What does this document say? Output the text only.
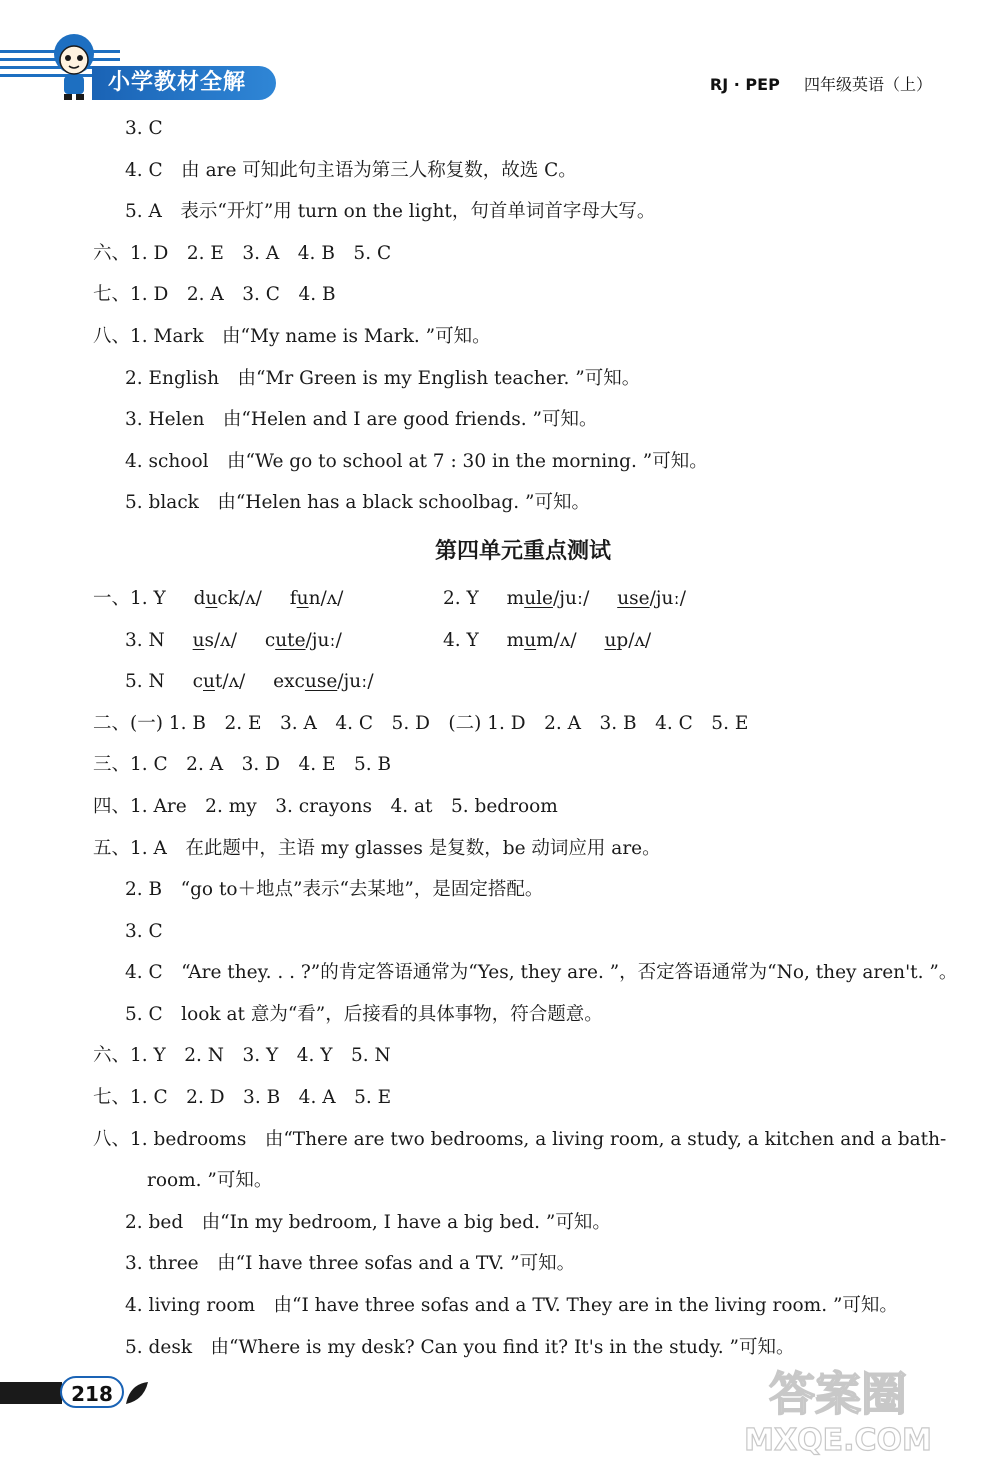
小学教材全解	RJ · PEP 四年级英语（上）
3. C
4. C　由 are 可知此句主语为第三人称复数，故选 C。
5. A　表示“开灯”用 turn on the light，句首单词首字母大写。
六、1. D　2. E　3. A　4. B　5. C
七、1. D　2. A　3. C　4. B
八、1. Mark　由“My name is Mark. ”可知。
2. English　由“Mr Green is my English teacher. ”可知。
3. Helen　由“Helen and I are good friends. ”可知。
4. school　由“We go to school at 7 : 30 in the morning. ”可知。
5. black　由“Helen has a black schoolbag. ”可知。
第四单元重点测试
一、1. Y duck/ʌ/ fun/ʌ/	2. Y mule/juː/ use/juː/
3. N us/ʌ/ cute/juː/	4. Y mum/ʌ/ up/ʌ/
5. N cut/ʌ/ excuse/juː/
二、(一) 1. B　2. E　3. A　4. C　5. D　(二) 1. D　2. A　3. B　4. C　5. E
三、1. C　2. A　3. D　4. E　5. B
四、1. Are　2. my　3. crayons　4. at　5. bedroom
五、1. A　在此题中，主语 my glasses 是复数，be 动词应用 are。
2. B　“go to＋地点”表示“去某地”，是固定搭配。
3. C
4. C　“Are they. . . ?”的肯定答语通常为“Yes, they are. ”，否定答语通常为“No, they aren't. ”。
5. C　look at 意为“看”，后接看的具体事物，符合题意。
六、1. Y　2. N　3. Y　4. Y　5. N
七、1. C　2. D　3. B　4. A　5. E
八、1. bedrooms　由“There are two bedrooms, a living room, a study, a kitchen and a bath-
room. ”可知。
2. bed　由“In my bedroom, I have a big bed. ”可知。
3. three　由“I have three sofas and a TV. ”可知。
4. living room　由“I have three sofas and a TV. They are in the living room. ”可知。
5. desk　由“Where is my desk? Can you find it? It's in the study. ”可知。
218	答案圈
MXQE.COM
